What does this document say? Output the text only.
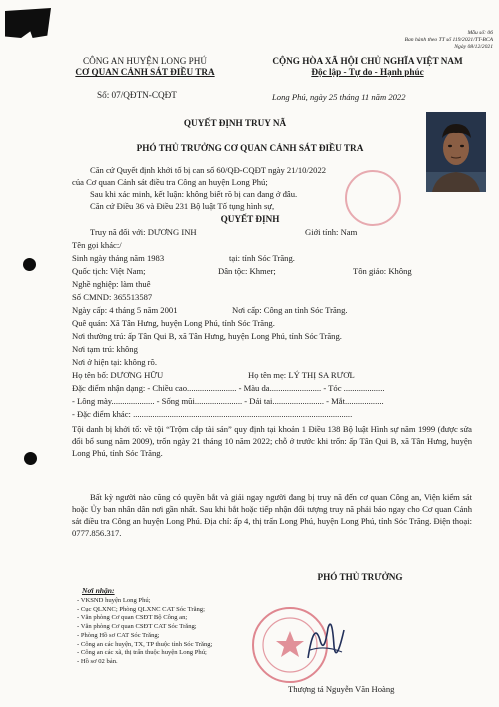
Mẫu số: 06
Ban hành theo TT số 119/2021/TT-BCA
Ngày 08/12/2021
CÔNG AN HUYỆN LONG PHÚ
CƠ QUAN CẢNH SÁT ĐIỀU TRA
Số: 07/QĐTN-CQĐT
CỘNG HÒA XÃ HỘI CHỦ NGHĨA VIỆT NAM
Độc lập - Tự do - Hạnh phúc
Long Phú, ngày 25 tháng 11 năm 2022
QUYẾT ĐỊNH TRUY NÃ
PHÓ THỦ TRƯỞNG CƠ QUAN CẢNH SÁT ĐIỀU TRA
Căn cứ Quyết định khởi tố bị can số 60/QĐ-CQĐT ngày 21/10/2022
của Cơ quan Cảnh sát điều tra Công an huyện Long Phú;
Sau khi xác minh, kết luận: không biết rõ bị can đang ở đâu.
Căn cứ Điều 36 và Điều 231 Bộ luật Tố tụng hình sự,
QUYẾT ĐỊNH
Truy nã đối với: DƯƠNG INH	Giới tính: Nam
Tên gọi khác:/
Sinh ngày tháng năm 1983	tại: tỉnh Sóc Trăng.
Quốc tịch: Việt Nam;	Dân tộc: Khmer;	Tôn giáo: Không
Nghề nghiệp: làm thuê
Số CMND: 365513587
Ngày cấp: 4 tháng 5 năm 2001	Nơi cấp: Công an tỉnh Sóc Trăng.
Quê quán: Xã Tân Hưng, huyện Long Phú, tỉnh Sóc Trăng.
Nơi thường trú: ấp Tân Qui B, xã Tân Hưng, huyện Long Phú, tỉnh Sóc Trăng.
Nơi tạm trú: không
Nơi ở hiện tại: không rõ.
Họ tên bố: DƯƠNG HỮU	Họ tên mẹ: LÝ THỊ SA RƯƠL
Đặc điểm nhận dạng: - Chiều cao....................... - Màu da........................ - Tóc ...................
- Lông mày.................... - Sống mũi...................... - Dái tai........................ - Mắt..................
- Đặc điểm khác: ......................................................................................................
Tội danh bị khởi tố: về tội “Trộm cắp tài sản” quy định tại khoản 1 Điều 138 Bộ luật Hình sự năm 1999 (được sửa đổi bổ sung năm 2009), trốn ngày 21 tháng 10 năm 2022; chỗ ở trước khi trốn: ấp Tân Qui B, xã Tân Hưng, huyện Long Phú, tỉnh Sóc Trăng.
Bất kỳ người nào cũng có quyền bắt và giải ngay người đang bị truy nã đến cơ quan Công an, Viện kiểm sát hoặc Ủy ban nhân dân nơi gần nhất. Sau khi bắt hoặc tiếp nhận đối tượng truy nã phải báo ngay cho Cơ quan Cảnh sát điều tra Công an huyện Long Phú. Địa chỉ: ấp 4, thị trấn Long Phú, huyện Long Phú, tỉnh Sóc Trăng. Điện thoại: 0777.856.317.
Nơi nhận:
- VKSND huyện Long Phú;
- Cục QLXNC; Phòng QLXNC CAT Sóc Trăng;
- Văn phòng Cơ quan CSĐT Bộ Công an;
- Văn phòng Cơ quan CSĐT CAT Sóc Trăng;
- Phòng Hồ sơ CAT Sóc Trăng;
- Công an các huyện, TX, TP thuộc tỉnh Sóc Trăng;
- Công an các xã, thị trấn thuộc huyện Long Phú;
- Hồ sơ 02 bản.
PHÓ THỦ TRƯỞNG
Thượng tá Nguyễn Văn Hoàng
